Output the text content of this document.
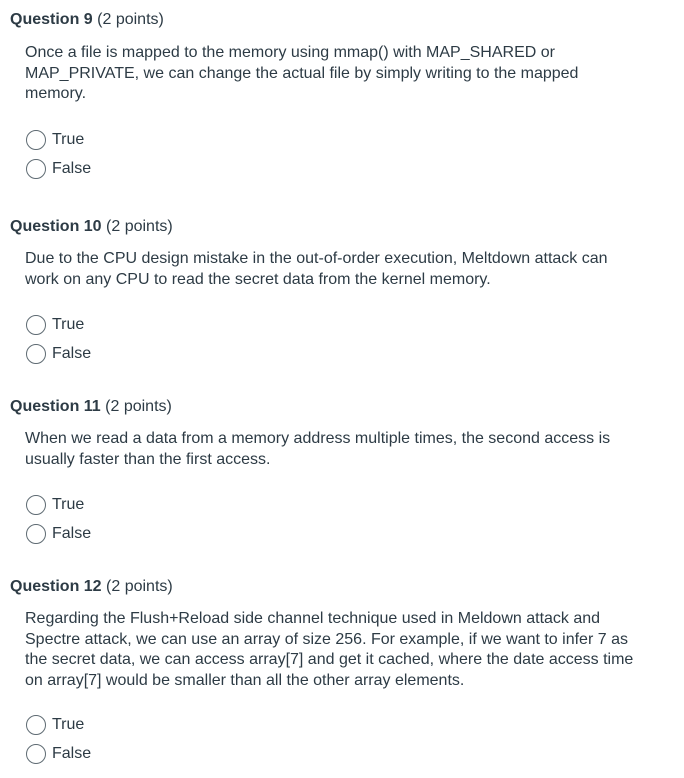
Question 9 (2 points)
Once a file is mapped to the memory using mmap() with MAP_SHARED or MAP_PRIVATE, we can change the actual file by simply writing to the mapped memory.
True
False
Question 10 (2 points)
Due to the CPU design mistake in the out-of-order execution, Meltdown attack can work on any CPU to read the secret data from the kernel memory.
True
False
Question 11 (2 points)
When we read a data from a memory address multiple times, the second access is usually faster than the first access.
True
False
Question 12 (2 points)
Regarding the Flush+Reload side channel technique used in Meldown attack and Spectre attack, we can use an array of size 256. For example, if we want to infer 7 as the secret data, we can access array[7] and get it cached, where the date access time on array[7] would be smaller than all the other array elements.
True
False
